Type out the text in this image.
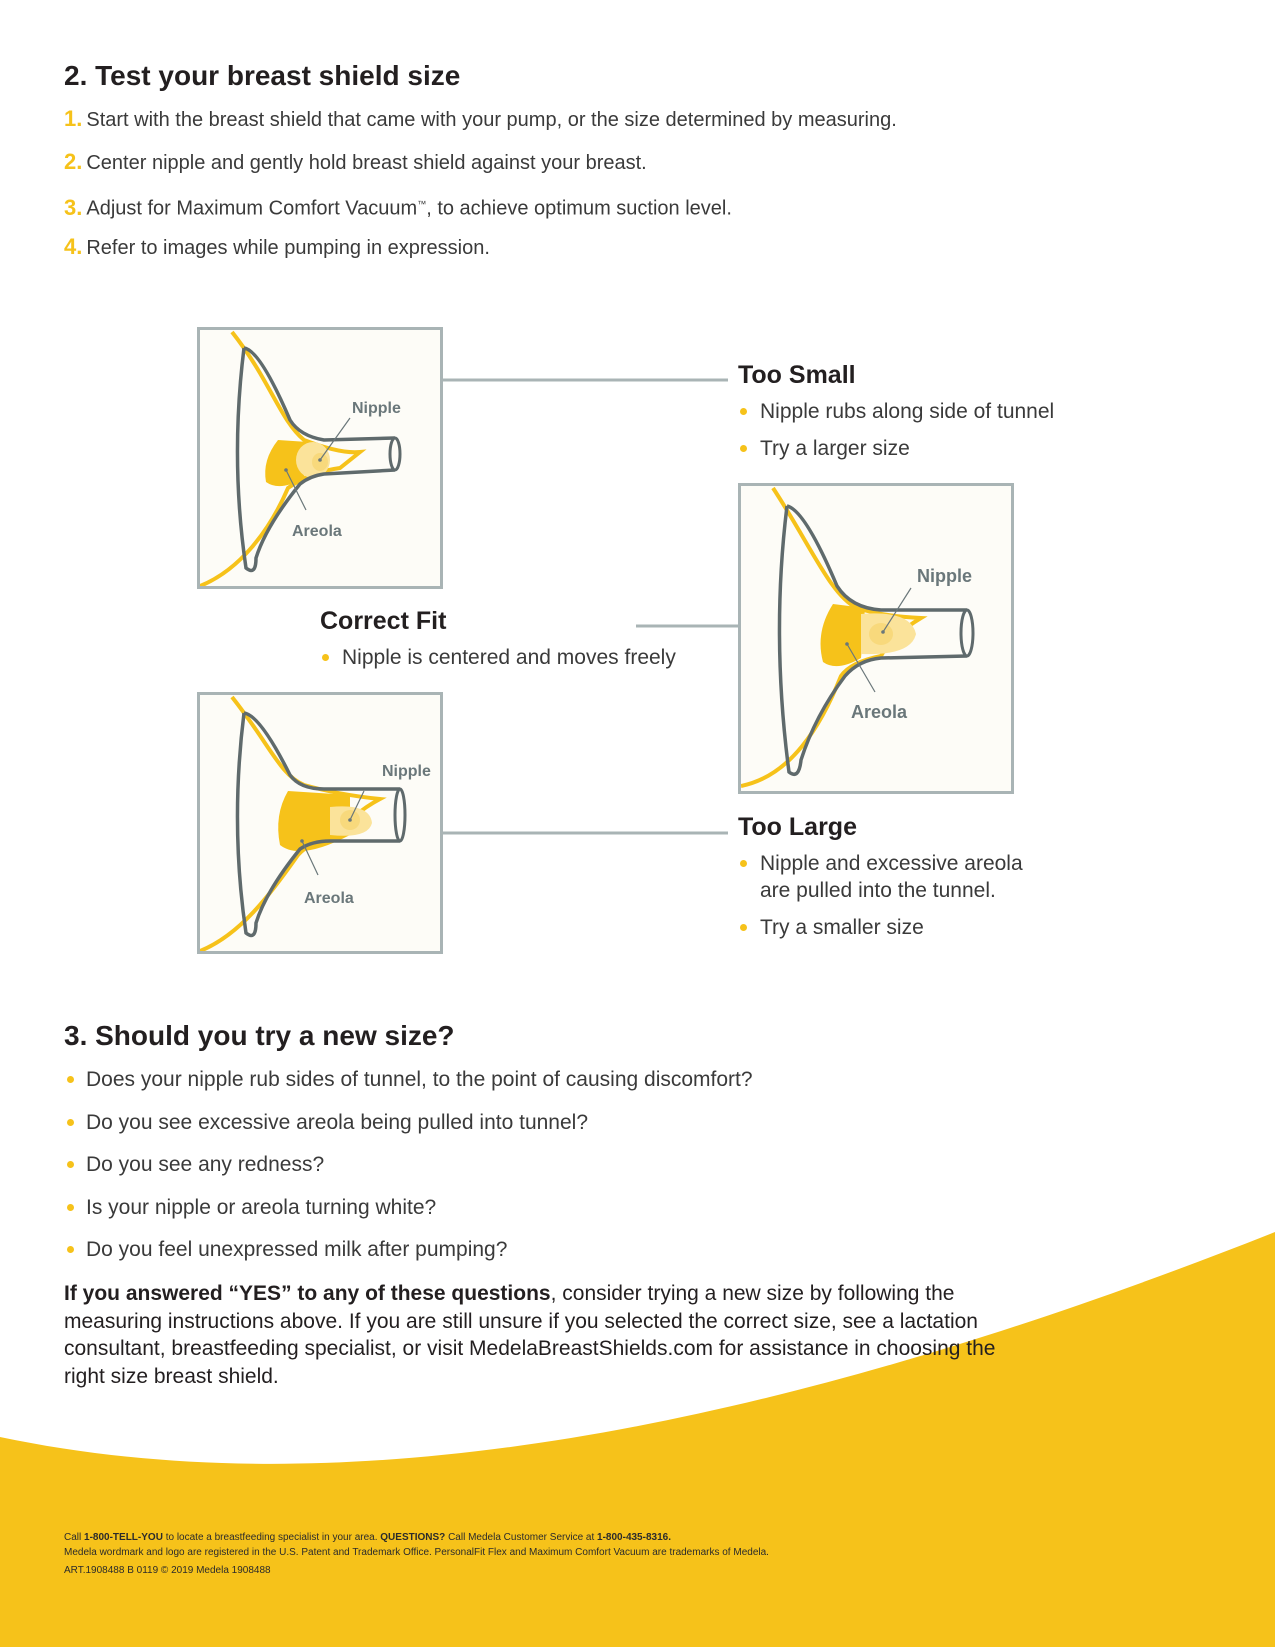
2. Test your breast shield size
1. Start with the breast shield that came with your pump, or the size determined by measuring.
2. Center nipple and gently hold breast shield against your breast.
3. Adjust for Maximum Comfort Vacuum™, to achieve optimum suction level.
4. Refer to images while pumping in expression.
Nipple
Areola
Nipple
Areola
Nipple
Areola
Too Small
Nipple rubs along side of tunnel
Try a larger size
Correct Fit
Nipple is centered and moves freely
Too Large
Nipple and excessive areola are pulled into the tunnel.
Try a smaller size
3. Should you try a new size?
Does your nipple rub sides of tunnel, to the point of causing discomfort?
Do you see excessive areola being pulled into tunnel?
Do you see any redness?
Is your nipple or areola turning white?
Do you feel unexpressed milk after pumping?
If you answered “YES” to any of these questions, consider trying a new size by following the measuring instructions above. If you are still unsure if you selected the correct size, see a lactation consultant, breastfeeding specialist, or visit MedelaBreastShields.com for assistance in choosing the right size breast shield.
Call 1-800-TELL-YOU to locate a breastfeeding specialist in your area. QUESTIONS? Call Medela Customer Service at 1-800-435-8316.
Medela wordmark and logo are registered in the U.S. Patent and Trademark Office. PersonalFit Flex and Maximum Comfort Vacuum are trademarks of Medela.
ART.1908488 B 0119 © 2019 Medela 1908488
